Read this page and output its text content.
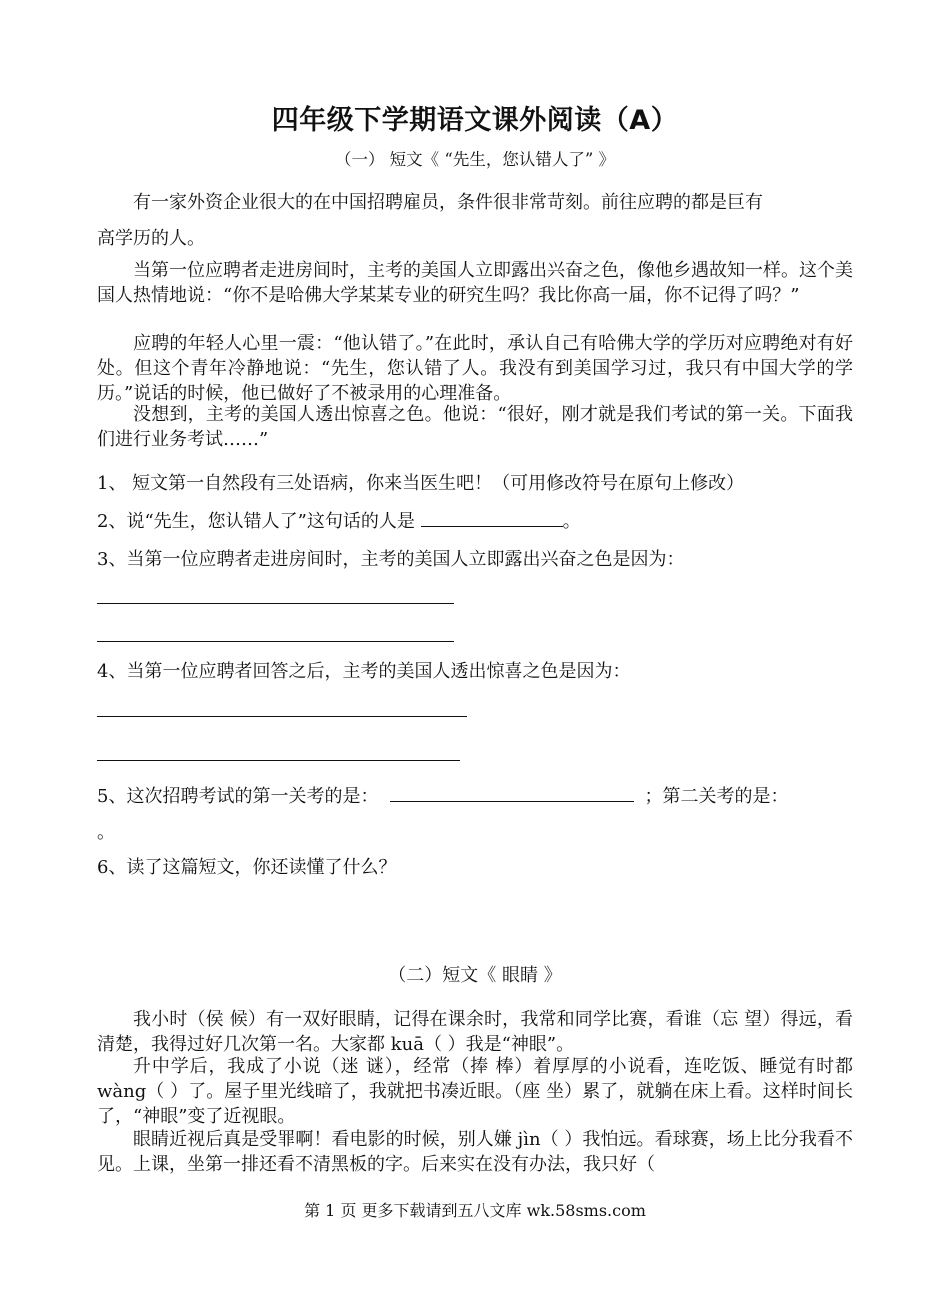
四年级下学期语文课外阅读（A）
（一） 短文《 “先生，您认错人了” 》
有一家外资企业很大的在中国招聘雇员，条件很非常苛刻。前往应聘的都是巨有
高学历的人。
当第一位应聘者走进房间时，主考的美国人立即露出兴奋之色，像他乡遇故知一样。这个美国人热情地说：“你不是哈佛大学某某专业的研究生吗？我比你高一届，你不记得了吗？”
应聘的年轻人心里一震：“他认错了。”在此时，承认自己有哈佛大学的学历对应聘绝对有好处。但这个青年冷静地说：“先生，您认错了人。我没有到美国学习过，我只有中国大学的学历。”说话的时候，他已做好了不被录用的心理准备。
没想到，主考的美国人透出惊喜之色。他说：“很好，刚才就是我们考试的第一关。下面我们进行业务考试……”
1、 短文第一自然段有三处语病，你来当医生吧！（可用修改符号在原句上修改）
2、说“先生，您认错人了”这句话的人是	。
3、当第一位应聘者走进房间时，主考的美国人立即露出兴奋之色是因为：
4、当第一位应聘者回答之后，主考的美国人透出惊喜之色是因为：
5、这次招聘考试的第一关考的是：	；第二关考的是：
。
6、读了这篇短文，你还读懂了什么？
（二）短文《 眼睛 》
我小时（侯 候）有一双好眼睛，记得在课余时，我常和同学比赛，看谁（忘 望）得远，看清楚，我得过好几次第一名。大家都 kuā（ ）我是“神眼”。
升中学后，我成了小说（迷 谜），经常（捧 棒）着厚厚的小说看，连吃饭、睡觉有时都 wàng（ ）了。屋子里光线暗了，我就把书凑近眼。（座 坐）累了，就躺在床上看。这样时间长了，“神眼”变了近视眼。
眼睛近视后真是受罪啊！看电影的时候，别人嫌 jìn（ ）我怕远。看球赛，场上比分我看不见。上课，坐第一排还看不清黑板的字。后来实在没有办法，我只好（
第 1 页 更多下载请到五八文库 wk.58sms.com
